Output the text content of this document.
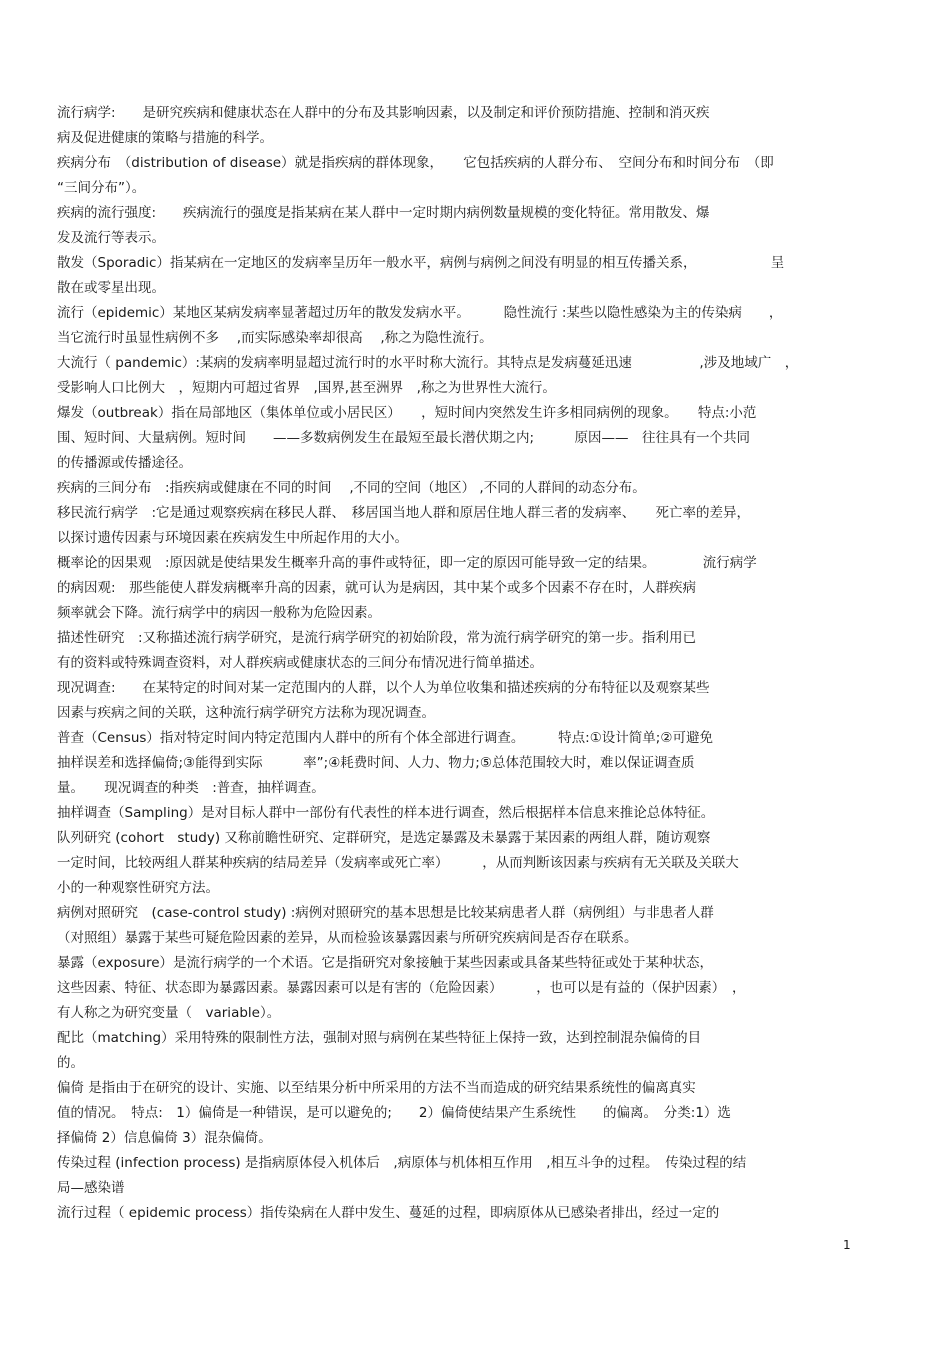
流行病学:　　是研究疾病和健康状态在人群中的分布及其影响因素，以及制定和评价预防措施、控制和消灭疾
病及促进健康的策略与措施的科学。

疾病分布　（distribution of disease）就是指疾病的群体现象，　　它包括疾病的人群分布、　空间分布和时间分布　（即
“三间分布”）。

疾病的流行强度:　　疾病流行的强度是指某病在某人群中一定时期内病例数量规模的变化特征。常用散发、爆
发及流行等表示。

散发（Sporadic）指某病在一定地区的发病率呈历年一般水平，病例与病例之间没有明显的相互传播关系，　　　　　　呈
散在或零星出现。

流行（epidemic）某地区某病发病率显著超过历年的散发发病水平。　　　隐性流行 :某些以隐性感染为主的传染病　　，
当它流行时虽显性病例不多　 ,而实际感染率却很高　 ,称之为隐性流行。

大流行（ pandemic）:某病的发病率明显超过流行时的水平时称大流行。其特点是发病蔓延迅速　　　　　,涉及地域广　，
受影响人口比例大　，短期内可超过省界　,国界,甚至洲界　,称之为世界性大流行。

爆发（outbreak）指在局部地区（集体单位或小居民区）　　，短时间内突然发生许多相同病例的现象。　　特点:小范
围、短时间、大量病例。短时间　　——多数病例发生在最短至最长潜伏期之内;　　　原因——　往往具有一个共同
的传播源或传播途径。

疾病的三间分布　:指疾病或健康在不同的时间　 ,不同的空间（地区） ,不同的人群间的动态分布。

移民流行病学　:它是通过观察疾病在移民人群、　移居国当地人群和原居住地人群三者的发病率、　　死亡率的差异，
以探讨遗传因素与环境因素在疾病发生中所起作用的大小。

概率论的因果观　:原因就是使结果发生概率升高的事件或特征，即一定的原因可能导致一定的结果。　　　　流行病学
的病因观:　那些能使人群发病概率升高的因素，就可认为是病因，其中某个或多个因素不存在时，人群疾病
频率就会下降。流行病学中的病因一般称为危险因素。

描述性研究　:又称描述流行病学研究，是流行病学研究的初始阶段，常为流行病学研究的第一步。指利用已
有的资料或特殊调查资料，对人群疾病或健康状态的三间分布情况进行简单描述。

现况调查:　　在某特定的时间对某一定范围内的人群，以个人为单位收集和描述疾病的分布特征以及观察某些
因素与疾病之间的关联，这种流行病学研究方法称为现况调查。

普查（Census）指对特定时间内特定范围内人群中的所有个体全部进行调查。　　　特点:①设计简单;②可避免
抽样误差和选择偏倚;③能得到实际　　　率”;④耗费时间、人力、物力;⑤总体范围较大时，难以保证调查质
量。　　现况调查的种类　:普查，抽样调查。

抽样调查（Sampling）是对目标人群中一部份有代表性的样本进行调查，然后根据样本信息来推论总体特征。

队列研究 (cohort　study) 又称前瞻性研究、定群研究，是选定暴露及未暴露于某因素的两组人群，随访观察
一定时间，比较两组人群某种疾病的结局差异（发病率或死亡率）　　　，从而判断该因素与疾病有无关联及关联大
小的一种观察性研究方法。

病例对照研究　(case-control study) :病例对照研究的基本思想是比较某病患者人群（病例组）与非患者人群
（对照组）暴露于某些可疑危险因素的差异，从而检验该暴露因素与所研究疾病间是否存在联系。

暴露（exposure）是流行病学的一个术语。它是指研究对象接触于某些因素或具备某些特征或处于某种状态，
这些因素、特征、状态即为暴露因素。暴露因素可以是有害的（危险因素）　　　，也可以是有益的（保护因素）　，
有人称之为研究变量（　variable）。

配比（matching）采用特殊的限制性方法，强制对照与病例在某些特征上保持一致，达到控制混杂偏倚的目
的。

偏倚 是指由于在研究的设计、实施、以至结果分析中所采用的方法不当而造成的研究结果系统性的偏离真实
值的情况。　特点:　1）偏倚是一种错误，是可以避免的;　　2）偏倚使结果产生系统性　　的偏离。　分类:1）选
择偏倚 2）信息偏倚 3）混杂偏倚。

传染过程 (infection process) 是指病原体侵入机体后　,病原体与机体相互作用　,相互斗争的过程。　传染过程的结
局—感染谱

流行过程（ epidemic process）指传染病在人群中发生、蔓延的过程，即病原体从已感染者排出，经过一定的

1
